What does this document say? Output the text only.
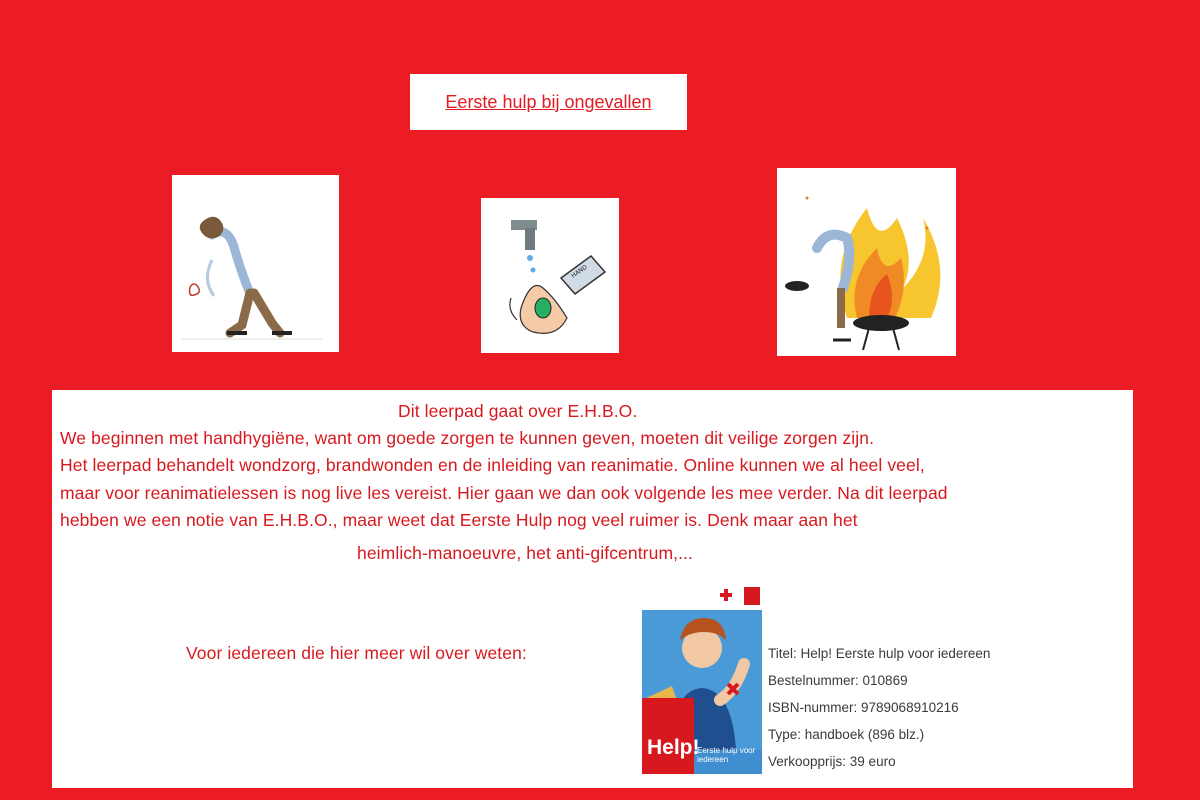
Eerste hulp bij ongevallen
HAND
Dit leerpad gaat over E.H.B.O.
We beginnen met handhygiëne, want om goede zorgen te kunnen geven, moeten dit veilige zorgen zijn.
Het leerpad behandelt wondzorg, brandwonden en de inleiding van reanimatie. Online kunnen we al heel veel,
maar voor reanimatielessen is nog live les vereist. Hier gaan we dan ook volgende les mee verder. Na dit leerpad
hebben we een notie van E.H.B.O., maar weet dat Eerste Hulp nog veel ruimer is. Denk maar aan het
heimlich-manoeuvre, het anti-gifcentrum,...
Voor iedereen die hier meer wil over weten:
Help!
Eerste hulp voor iedereen
Titel: Help! Eerste hulp voor iedereen
Bestelnummer: 010869
ISBN-nummer: 9789068910216
Type: handboek (896 blz.)
Verkoopprijs: 39 euro
